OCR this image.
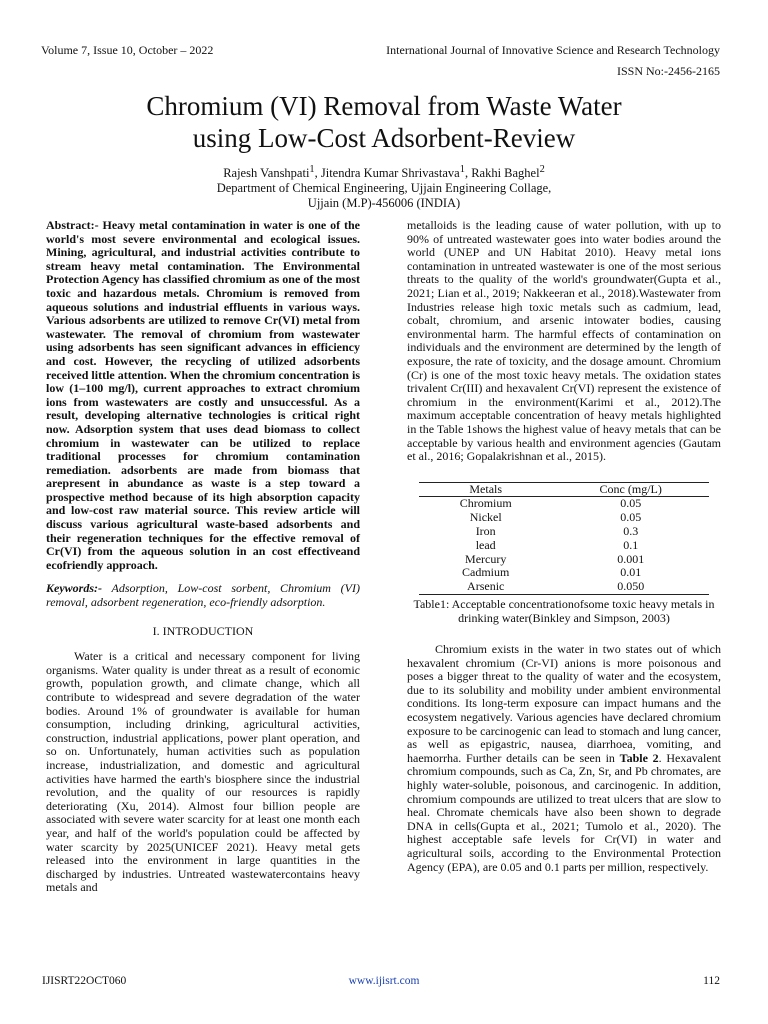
Volume 7, Issue 10, October – 2022	International Journal of Innovative Science and Research Technology
ISSN No:-2456-2165
Chromium (VI) Removal from Waste Water
using Low-Cost Adsorbent-Review
Rajesh Vanshpati$^1$, Jitendra Kumar Shrivastava$^1$, Rakhi Baghel$^2$
Department of Chemical Engineering, Ujjain Engineering Collage,
Ujjain (M.P)-456006 (INDIA)

Abstract:- Heavy metal contamination in water is one of the world's most severe environmental and ecological issues. Mining, agricultural, and industrial activities contribute to stream heavy metal contamination. The Environmental Protection Agency has classified chromium as one of the most toxic and hazardous metals. Chromium is removed from aqueous solutions and industrial effluents in various ways. Various adsorbents are utilized to remove Cr(VI) metal from wastewater. The removal of chromium from wastewater using adsorbents has seen significant advances in efficiency and cost. However, the recycling of utilized adsorbents received little attention. When the chromium concentration is low (1–100 mg/l), current approaches to extract chromium ions from wastewaters are costly and unsuccessful. As a result, developing alternative technologies is critical right now. Adsorption system that uses dead biomass to collect chromium in wastewater can be utilized to replace traditional processes for chromium contamination remediation. adsorbents are made from biomass that arepresent in abundance as waste is a step toward a prospective method because of its high absorption capacity and low-cost raw material source. This review article will discuss various agricultural waste-based adsorbents and their regeneration techniques for the effective removal of Cr(VI) from the aqueous solution in an cost effectiveand ecofriendly approach.

Keywords:- Adsorption, Low-cost sorbent, Chromium (VI) removal, adsorbent regeneration, eco-friendly adsorption.

I. INTRODUCTION

Water is a critical and necessary component for living organisms. Water quality is under threat as a result of economic growth, population growth, and climate change, which all contribute to widespread and severe degradation of the water bodies. Around 1% of groundwater is available for human consumption, including drinking, agricultural activities, construction, industrial applications, power plant operation, and so on. Unfortunately, human activities such as population increase, industrialization, and domestic and agricultural activities have harmed the earth's biosphere since the industrial revolution, and the quality of our resources is rapidly deteriorating (Xu, 2014). Almost four billion people are associated with severe water scarcity for at least one month each year, and half of the world's population could be affected by water scarcity by 2025(UNICEF 2021). Heavy metal gets released into the environment in large quantities in the discharged by industries. Untreated wastewatercontains heavy metals and

metalloids is the leading cause of water pollution, with up to 90% of untreated wastewater goes into water bodies around the world (UNEP and UN Habitat 2010). Heavy metal ions contamination in untreated wastewater is one of the most serious threats to the quality of the world's groundwater(Gupta et al., 2021; Lian et al., 2019; Nakkeeran et al., 2018).Wastewater from Industries release high toxic metals such as cadmium, lead, cobalt, chromium, and arsenic intowater bodies, causing environmental harm. The harmful effects of contamination on individuals and the environment are determined by the length of exposure, the rate of toxicity, and the dosage amount. Chromium (Cr) is one of the most toxic heavy metals. The oxidation states trivalent Cr(III) and hexavalent Cr(VI) represent the existence of chromium in the environment(Karimi et al., 2012).The maximum acceptable concentration of heavy metals highlighted in the Table 1shows the highest value of heavy metals that can be acceptable by various health and environment agencies (Gautam et al., 2016; Gopalakrishnan et al., 2015).

Metals	Conc (mg/L)
Chromium	0.05
Nickel	0.05
Iron	0.3
lead	0.1
Mercury	0.001
Cadmium	0.01
Arsenic	0.050
Table1: Acceptable concentrationofsome toxic heavy metals in drinking water(Binkley and Simpson, 2003)

Chromium exists in the water in two states out of which hexavalent chromium (Cr-VI) anions is more poisonous and poses a bigger threat to the quality of water and the ecosystem, due to its solubility and mobility under ambient environmental conditions. Its long-term exposure can impact humans and the ecosystem negatively. Various agencies have declared chromium exposure to be carcinogenic can lead to stomach and lung cancer, as well as epigastric, nausea, diarrhoea, vomiting, and haemorrha. Further details can be seen in Table 2. Hexavalent chromium compounds, such as Ca, Zn, Sr, and Pb chromates, are highly water-soluble, poisonous, and carcinogenic. In addition, chromium compounds are utilized to treat ulcers that are slow to heal. Chromate chemicals have also been shown to degrade DNA in cells(Gupta et al., 2021; Tumolo et al., 2020). The highest acceptable safe levels for Cr(VI) in water and agricultural soils, according to the Environmental Protection Agency (EPA), are 0.05 and 0.1 parts per million, respectively.

IJISRT22OCT060	www.ijisrt.com	112
